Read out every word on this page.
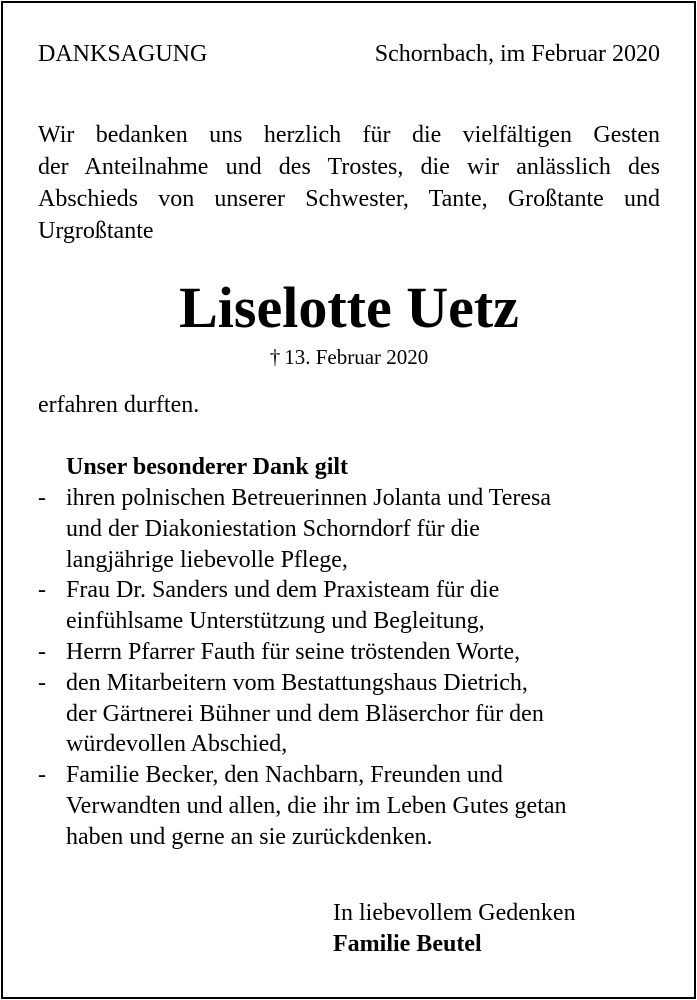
DANKSAGUNG	Schornbach, im Februar 2020
Wir bedanken uns herzlich für die vielfältigen Gesten
der Anteilnahme und des Trostes, die wir anlässlich des
Abschieds von unserer Schwester, Tante, Großtante und
Urgroßtante
Liselotte Uetz
† 13. Februar 2020
erfahren durften.
Unser besonderer Dank gilt
- ihren polnischen Betreuerinnen Jolanta und Teresa
und der Diakoniestation Schorndorf für die
langjährige liebevolle Pflege,
- Frau Dr. Sanders und dem Praxisteam für die
einfühlsame Unterstützung und Begleitung,
- Herrn Pfarrer Fauth für seine tröstenden Worte,
- den Mitarbeitern vom Bestattungshaus Dietrich,
der Gärtnerei Bühner und dem Bläserchor für den
würdevollen Abschied,
- Familie Becker, den Nachbarn, Freunden und
Verwandten und allen, die ihr im Leben Gutes getan
haben und gerne an sie zurückdenken.
In liebevollem Gedenken
Familie Beutel
